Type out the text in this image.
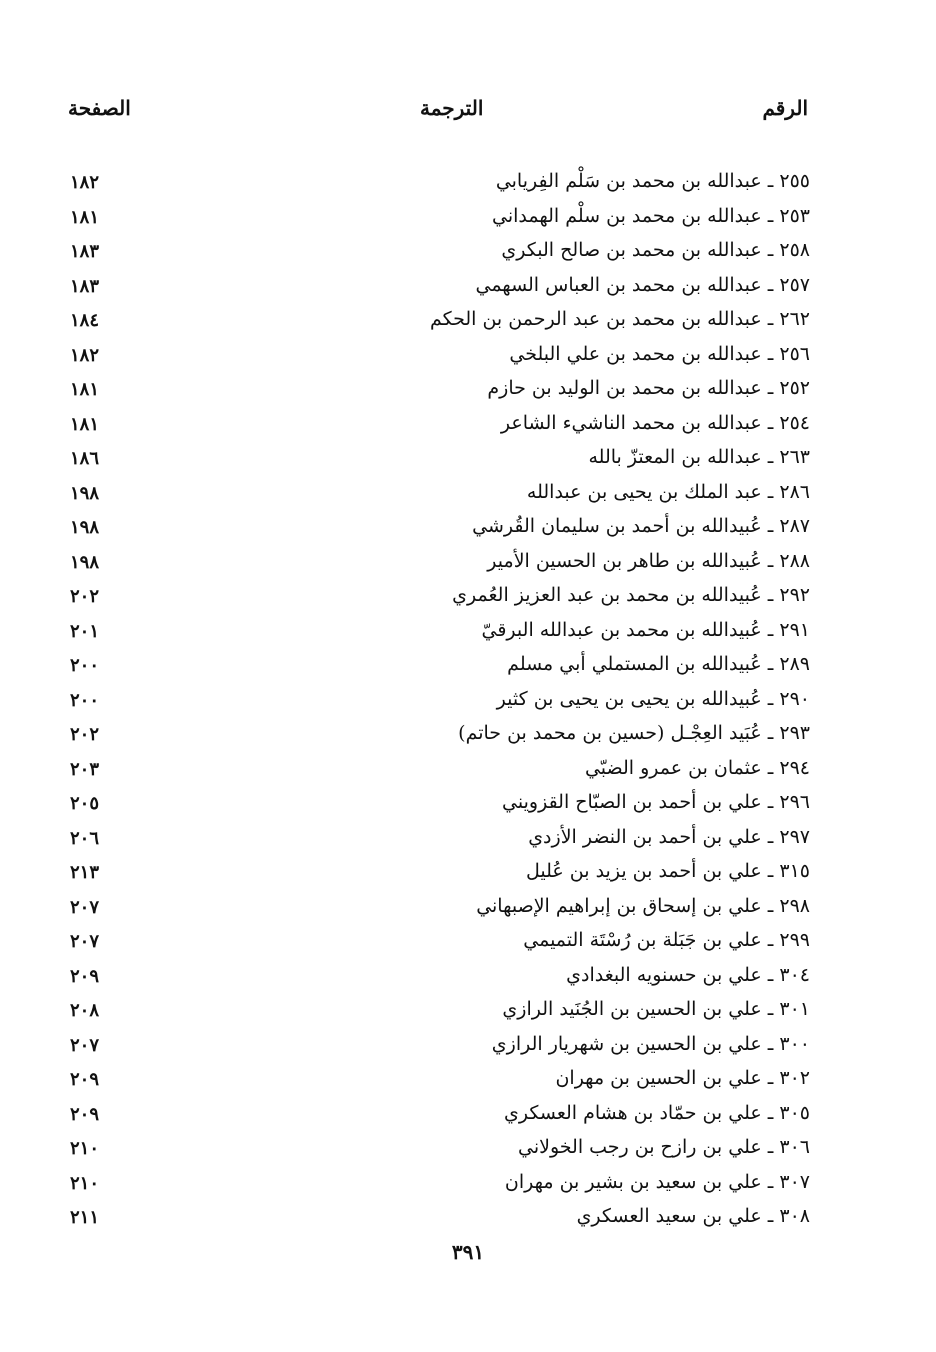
الرقم
الترجمة
الصفحة
٢٥٥ ـ عبدالله بن محمد بن سَلْم الفِريابي
١٨٢
٢٥٣ ـ عبدالله بن محمد بن سلْم الهمداني
١٨١
٢٥٨ ـ عبدالله بن محمد بن صالح البكري
١٨٣
٢٥٧ ـ عبدالله بن محمد بن العباس السهمي
١٨٣
٢٦٢ ـ عبدالله بن محمد بن عبد الرحمن بن الحكم
١٨٤
٢٥٦ ـ عبدالله بن محمد بن علي البلخي
١٨٢
٢٥٢ ـ عبدالله بن محمد بن الوليد بن حازم
١٨١
٢٥٤ ـ عبدالله بن محمد الناشيء الشاعر
١٨١
٢٦٣ ـ عبدالله بن المعتزّ بالله
١٨٦
٢٨٦ ـ عبد الملك بن يحيى بن عبدالله
١٩٨
٢٨٧ ـ عُبيدالله بن أحمد بن سليمان القُرشي
١٩٨
٢٨٨ ـ عُبيدالله بن طاهر بن الحسين الأمير
١٩٨
٢٩٢ ـ عُبيدالله بن محمد بن عبد العزيز العُمري
٢٠٢
٢٩١ ـ عُبيدالله بن محمد بن عبدالله البرقيّ
٢٠١
٢٨٩ ـ عُبيدالله بن المستملي أبي مسلم
٢٠٠
٢٩٠ ـ عُبيدالله بن يحيى بن يحيى بن كثير
٢٠٠
٢٩٣ ـ عُبَيد العِجْـل (حسين بن محمد بن حاتم)
٢٠٢
٢٩٤ ـ عثمان بن عمرو الضبّي
٢٠٣
٢٩٦ ـ علي بن أحمد بن الصبّاح القزويني
٢٠٥
٢٩٧ ـ علي بن أحمد بن النضر الأزدي
٢٠٦
٣١٥ ـ علي بن أحمد بن يزيد بن عُليل
٢١٣
٢٩٨ ـ علي بن إسحاق بن إبراهيم الإصبهاني
٢٠٧
٢٩٩ ـ علي بن جَبَلة بن رُسْتَة التميمي
٢٠٧
٣٠٤ ـ علي بن حسنويه البغدادي
٢٠٩
٣٠١ ـ علي بن الحسين بن الجُنَيد الرازي
٢٠٨
٣٠٠ ـ علي بن الحسين بن شهريار الرازي
٢٠٧
٣٠٢ ـ علي بن الحسين بن مهران
٢٠٩
٣٠٥ ـ علي بن حمّاد بن هشام العسكري
٢٠٩
٣٠٦ ـ علي بن رازح بن رجب الخولاني
٢١٠
٣٠٧ ـ علي بن سعيد بن بشير بن مهران
٢١٠
٣٠٨ ـ علي بن سعيد العسكري
٢١١
٣٩١
